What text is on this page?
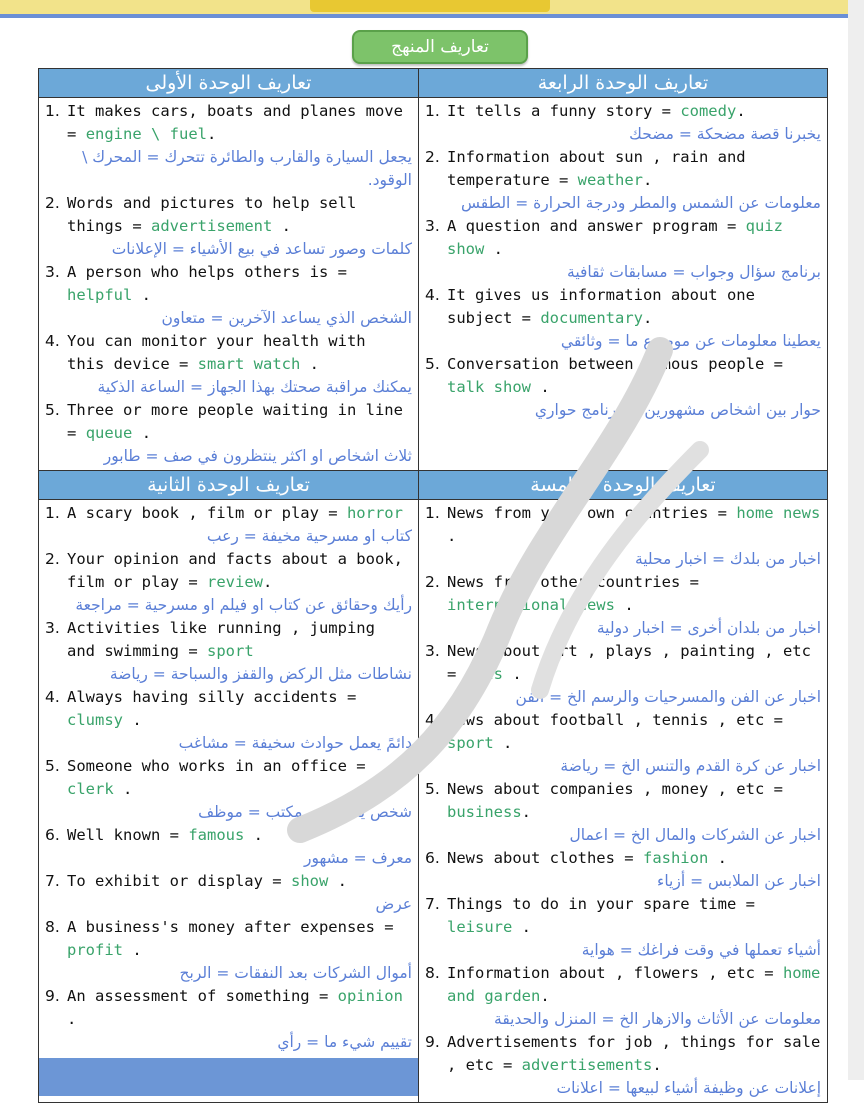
تعاريف المنهج
تعاريف الوحدة الأولى	تعاريف الوحدة الرابعة
1. It makes cars, boats and planes move = engine \ fuel.
يجعل السيارة والقارب والطائرة تتحرك = المحرك \ الوقود.
2. Words and pictures to help sell things = advertisement .
كلمات وصور تساعد في بيع الأشياء = الإعلانات
3. A person who helps others is = helpful .
الشخص الذي يساعد الآخرين = متعاون
4. You can monitor your health with this device = smart watch .
يمكنك مراقبة صحتك بهذا الجهاز = الساعة الذكية
5. Three or more people waiting in line = queue .
ثلاث اشخاص او اكثر ينتظرون في صف = طابور
1. It tells a funny story = comedy.
يخبرنا قصة مضحكة = مضحك
2. Information about sun , rain and temperature = weather.
معلومات عن الشمس والمطر ودرجة الحرارة = الطقس
3. A question and answer program = quiz show .
برنامج سؤال وجواب = مسابقات ثقافية
4. It gives us information about one subject = documentary.
يعطينا معلومات عن موضوع ما = وثائقي
5. Conversation between famous people = talk show .
حوار بين اشخاص مشهورين = برنامج حواري
تعاريف الوحدة الثانية	تعاريف الوحدة الخامسة
1. A scary book , film or play = horror
كتاب او مسرحية مخيفة = رعب
2. Your opinion and facts about a book, film or play = review.
رأيك وحقائق عن كتاب او فيلم او مسرحية = مراجعة
3. Activities like running , jumping and swimming = sport
نشاطات مثل الركض والقفز والسباحة = رياضة
4. Always having silly accidents = clumsy .
دائمً يعمل حوادث سخيفة = مشاغب
5. Someone who works in an office = clerk .
شخص يعمل في مكتب = موظف
6. Well known = famous .
معرف = مشهور
7. To exhibit or display = show .
عرض
8. A business's money after expenses = profit .
أموال الشركات بعد النفقات = الربح
9. An assessment of something = opinion .
تقييم شيء ما = رأي
1. News from your own countries = home news .
اخبار من بلدك = اخبار محلية
2. News from other countries = international news .
اخبار من بلدان أخرى = اخبار دولية
3. News about art , plays , painting , etc = arts .
اخبار عن الفن والمسرحيات والرسم الخ = الفن
4. News about football , tennis , etc = sport .
اخبار عن كرة القدم والتنس الخ = رياضة
5. News about companies , money , etc = business.
اخبار عن الشركات والمال الخ = اعمال
6. News about clothes = fashion .
اخبار عن الملابس = أزياء
7. Things to do in your spare time = leisure .
أشياء تعملها في وقت فراغك = هواية
8. Information about , flowers , etc = home and garden.
معلومات عن الأثاث والازهار الخ = المنزل والحديقة
9. Advertisements for job , things for sale , etc = advertisements.
إعلانات عن وظيفة أشياء لبيعها = اعلانات
